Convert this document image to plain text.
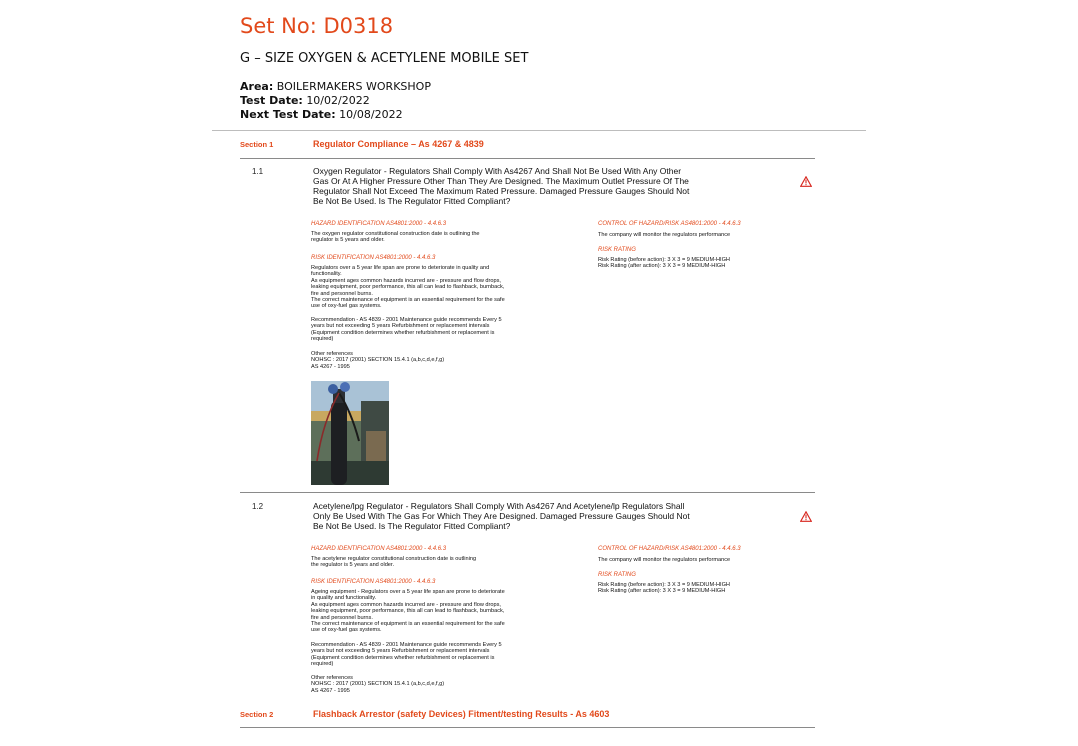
Set No: D0318
G – SIZE OXYGEN & ACETYLENE MOBILE SET
Area: BOILERMAKERS WORKSHOP
Test Date: 10/02/2022
Next Test Date: 10/08/2022
Section 1	Regulator Compliance – As 4267 & 4839
1.1	Oxygen Regulator - Regulators Shall Comply With As4267 And Shall Not Be Used With Any Other Gas Or At A Higher Pressure Other Than They Are Designed. The Maximum Outlet Pressure Of The Regulator Shall Not Exceed The Maximum Rated Pressure. Damaged Pressure Gauges Should Not Be Not Be Used. Is The Regulator Fitted Compliant?
HAZARD IDENTIFICATION AS4801:2000 - 4.4.6.3
The oxygen regulator constitutional construction date is outlining the
regulator is 5 years and older.
RISK IDENTIFICATION AS4801:2000 - 4.4.6.3
Regulators over a 5 year life span are prone to deteriorate in quality and
functionality.
As equipment ages common hazards incurred are - pressure and flow drops,
leaking equipment, poor performance, this all can lead to flashback, burnback,
fire and personnel burns.
The correct maintenance of equipment is an essential requirement for the safe
use of oxy-fuel gas systems.
Recommendation - AS 4839 - 2001 Maintenance guide recommends Every 5
years but not exceeding 5 years Refurbishment or replacement intervals
(Equipment condition determines whether refurbishment or replacement is
required)
Other references
NOHSC : 2017 (2001) SECTION 15.4.1 (a,b,c,d,e,f,g)
AS 4267 - 1995
CONTROL OF HAZARD/RISK AS4801:2000 - 4.4.6.3
The company will monitor the regulators performance
RISK RATING
Risk Rating (before action): 3 X 3 = 9 MEDIUM-HIGH
Risk Rating (after action): 3 X 3 = 9 MEDIUM-HIGH
1.2	Acetylene/lpg Regulator - Regulators Shall Comply With As4267 And Acetylene/lp Regulators Shall Only Be Used With The Gas For Which They Are Designed. Damaged Pressure Gauges Should Not Be Not Be Used. Is The Regulator Fitted Compliant?
HAZARD IDENTIFICATION AS4801:2000 - 4.4.6.3
The acetylene regulator constitutional construction date is outlining
the regulator is 5 years and older.
RISK IDENTIFICATION AS4801:2000 - 4.4.6.3
Ageing equipment - Regulators over a 5 year life span are prone to deteriorate
in quality and functionality.
As equipment ages common hazards incurred are - pressure and flow drops,
leaking equipment, poor performance, this all can lead to flashback, burnback,
fire and personnel burns.
The correct maintenance of equipment is an essential requirement for the safe
use of oxy-fuel gas systems.
Recommendation - AS 4839 - 2001 Maintenance guide recommends Every 5
years but not exceeding 5 years Refurbishment or replacement intervals
(Equipment condition determines whether refurbishment or replacement is
required)
Other references
NOHSC : 2017 (2001) SECTION 15.4.1 (a,b,c,d,e,f,g)
AS 4267 - 1995
CONTROL OF HAZARD/RISK AS4801:2000 - 4.4.6.3
The company will monitor the regulators performance
RISK RATING
Risk Rating (before action): 3 X 3 = 9 MEDIUM-HIGH
Risk Rating (after action): 3 X 3 = 9 MEDIUM-HIGH
Section 2	Flashback Arrestor (safety Devices) Fitment/testing Results - As 4603
